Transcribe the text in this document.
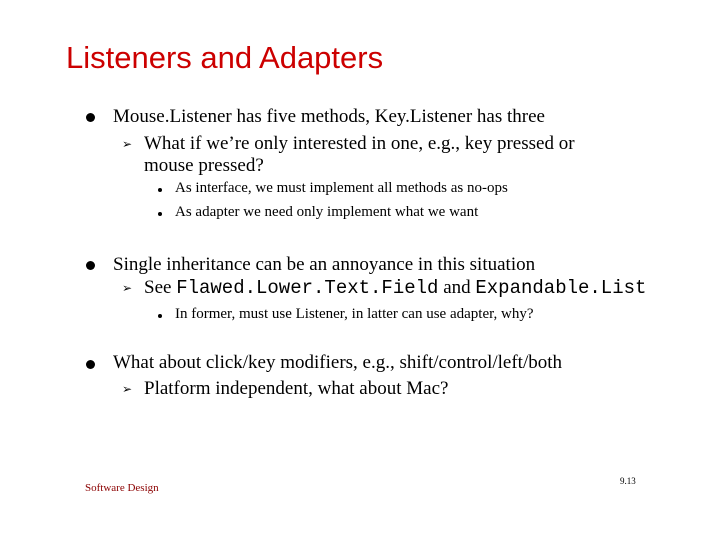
Listeners and Adapters
Mouse.Listener has five methods, Key.Listener has three
➢ What if we’re only interested in one, e.g., key pressed or
mouse pressed?
As interface, we must implement all methods as no-ops
As adapter we need only implement what we want
Single inheritance can be an annoyance in this situation
➢ See Flawed.Lower.Text.Field and Expandable.List
In former, must use Listener, in latter can use adapter, why?
What about click/key modifiers, e.g., shift/control/left/both
➢ Platform independent, what about Mac?
Software Design
9.13
